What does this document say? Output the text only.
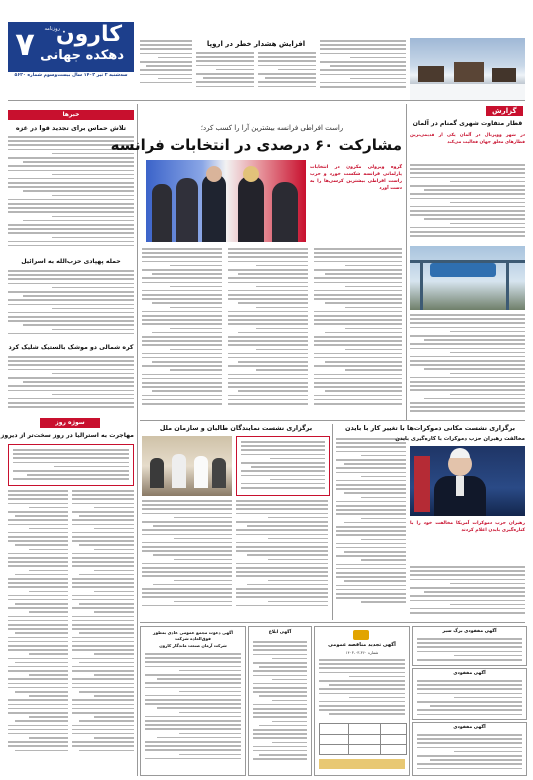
۷ کارون
روزنامه
دهکده جهانی
سه‌شنبه ۲ تیر ۱۴۰۲ سال بیست‌وسوم شماره ۵۶۲۰
افزایش هشدار خطر در اروپا
خبرها
تلاش حماس برای تجدید قوا در غزه
حمله پهپادی حزب‌الله به اسرائیل
کره شمالی دو موشک بالستیک شلیک کرد
سوژه روز
مهاجرت به استرالیا در روز سخت‌تر از دیروز
راست افراطی فرانسه بیشترین آرا را کسب کرد؛
مشارکت ۶۰ درصدی در انتخابات فرانسه
گروه ویرولی مکرون در انتخابات پارلمانی فرانسه شکست خورد و حزب راست افراطی بیشترین کرسی‌ها را به دست آورد
گزارش
قطار متفاوت شهری گمنام در آلمان
در شهر ووپرتال در آلمان یکی از قدیمی‌ترین قطارهای معلق جهان فعالیت می‌کند
برگزاری نشست نمایندگان طالبان و سازمان ملل	برگزاری نشست مکانی دموکرات‌ها با تغییر کار با بایدن
مخالفت رهبران حزب دموکرات با کاره‌گیری بایدن
رهبران حزب دموکرات آمریکا مخالفت خود را با کناره‌گیری بایدن اعلام کردند
آگهی دعوت مجمع عمومی عادی به‌طور فوق‌العاده شرکت
شرکت آرمان صنعت ماندگار کارون
آگهی ابلاغ
آگهی تجدید مناقصه عمومی
شماره ۳۶۰-۰۳-۱۴۰۳
آگهی مفقودی برگ سبز
آگهی مفقودی
آگهی مفقودی
